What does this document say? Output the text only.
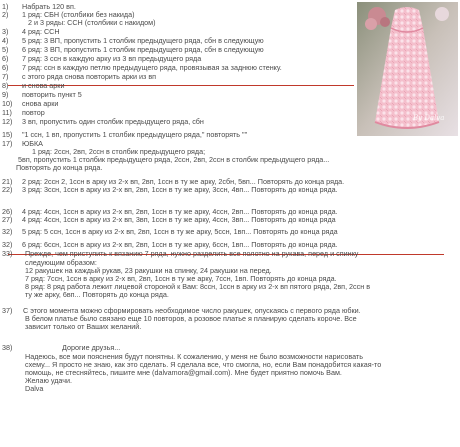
By Dalva
1) Набрать 120 вп.
2) 1 ряд: СБН (столбики без накида)
2 и 3 ряды: ССН (столбики с накидом)
3) 4 ряд: ССН
4) 5 ряд: 3 ВП, пропустить 1 столбик предыдущего ряда, сбн в следующую
5) 6 ряд: 3 ВП, пропустить 1 столбик предыдущего ряда, сбн в следующую
6) 7 ряд: 3 ссн в каждую арку из 3 вп предыдущего ряда
6) 7 ряд: ссн в каждую петлю предыдущего ряда, провязывая за заднюю стенку.
7) с этого ряда снова повторить арки из вп
8) и снова арки
9) повторить пункт 5
10) снова арки
11) повтор
12) 3 вп, пропустить один столбик предыдущего ряда, сбн
15) "1 ссн, 1 вп, пропустить 1 столбик предыдущего ряда," повторять ""
17) ЮБКА
1 ряд: 2ссн, 2вп, 2ссн в столбик предыдущего ряда;
5вп, пропустить 1 столбик предыдущего ряда, 2ссн, 2вп, 2ссн в столбик предыдущего ряда...
Повторять до конца ряда.
21) 2 ряд: 2ссн 2, 1ссн в арку из 2-х вп, 2вп, 1ссн в ту же арку, 2сбн, 5вп... Повторять до конца ряда.
22) 3 ряд: 3ссн, 1ссн в арку из 2-х вп, 2вп, 1ссн в ту же арку, 3ссн, 4вп... Повторять до конца ряда.
26) 4 ряд: 4ссн, 1ссн в арку из 2-х вп, 2вп, 1ссн в ту же арку, 4ссн, 2вп... Повторять до конца ряда.
27) 4 ряд: 4ссн, 1ссн в арку из 2-х вп, 3вп, 1ссн в ту же арку, 4ссн, 3вп... Повторять до конца ряда
32) 5 ряд: 5 ссн, 1ссн в арку из 2-х вп, 2вп, 1ссн в ту же арку, 5ссн, 1вп... Повторять до конца ряда
32) 6 ряд: 6ссн, 1ссн в арку из 2-х вп, 2вп, 1ссн в ту же арку, 6ссн, 1вп... Повторять до конца ряда.
33) Прежде, чем приступить к вязанию 7 ряда, нужно разделить все полотно на рукава, перед и спинку
следующим образом:
12 ракушек на каждый рукав, 23 ракушки на спинку, 24 ракушки на перед.
7 ряд: 7ссн, 1ссн в арку из 2-х вп, 2вп, 1ссн в ту же арку, 7ссн, 1вп. Повторять до конца ряда.
8 ряд: 8 ряд работа лежит лицевой стороной к Вам: 8ссн, 1ссн в арку из 2-х вп пятого ряда, 2вп, 2ссн в
ту же арку, 6вп... Повторять до конца ряда.
37) С этого момента можно сформировать необходимое число ракушек, опускаясь с первого ряда юбки.
В белом платье было связано еще 10 повторов, а розовое платье я планирую сделать короче. Все
зависит только от Ваших желаний.
38)	Дорогие друзья...
Надеюсь, все мои пояснения будут понятны. К сожалению, у меня не было возможности нарисовать
схему... Я просто не знаю, как это сделать. Я сделала все, что смогла, но, если Вам понадобится какая-то
помощь, не стесняйтесь, пишите мне (dalvamora@gmail.com). Мне будет приятно помочь Вам.
Желаю удачи.
Dalva
